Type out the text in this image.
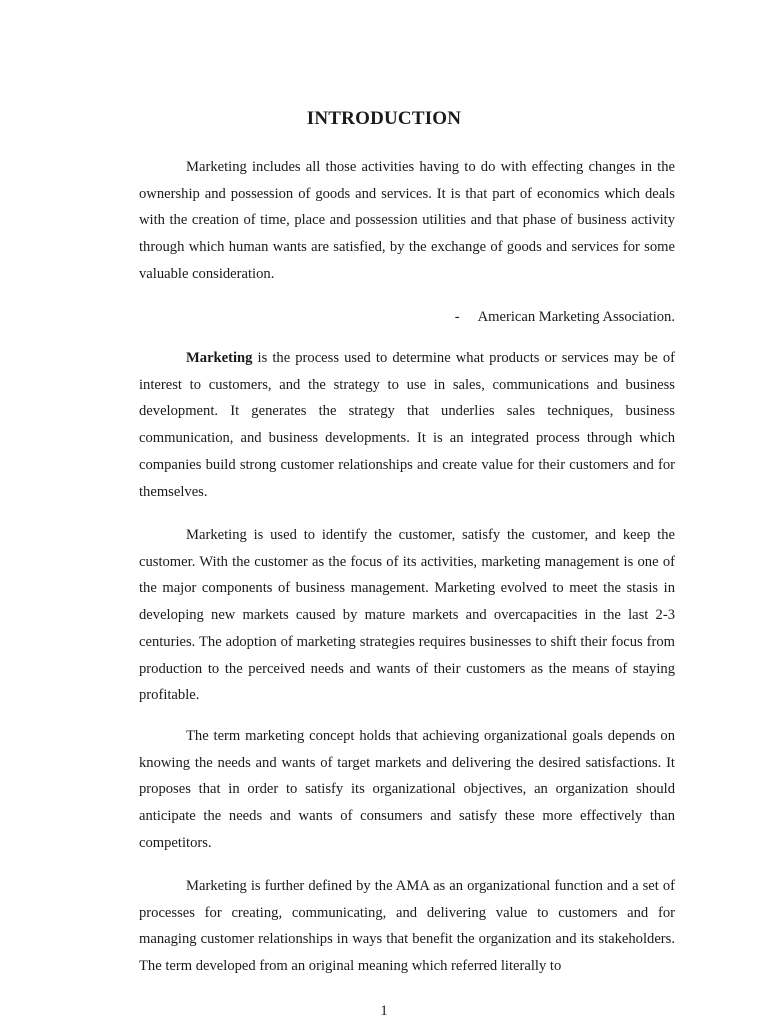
INTRODUCTION

Marketing includes all those activities having to do with effecting changes in the ownership and possession of goods and services. It is that part of economics which deals with the creation of time, place and possession utilities and that phase of business activity through which human wants are satisfied, by the exchange of goods and services for some valuable consideration.

- American Marketing Association.

Marketing is the process used to determine what products or services may be of interest to customers, and the strategy to use in sales, communications and business development. It generates the strategy that underlies sales techniques, business communication, and business developments. It is an integrated process through which companies build strong customer relationships and create value for their customers and for themselves.

Marketing is used to identify the customer, satisfy the customer, and keep the customer. With the customer as the focus of its activities, marketing management is one of the major components of business management. Marketing evolved to meet the stasis in developing new markets caused by mature markets and overcapacities in the last 2-3 centuries. The adoption of marketing strategies requires businesses to shift their focus from production to the perceived needs and wants of their customers as the means of staying profitable.

The term marketing concept holds that achieving organizational goals depends on knowing the needs and wants of target markets and delivering the desired satisfactions. It proposes that in order to satisfy its organizational objectives, an organization should anticipate the needs and wants of consumers and satisfy these more effectively than competitors.

Marketing is further defined by the AMA as an organizational function and a set of processes for creating, communicating, and delivering value to customers and for managing customer relationships in ways that benefit the organization and its stakeholders. The term developed from an original meaning which referred literally to

1
